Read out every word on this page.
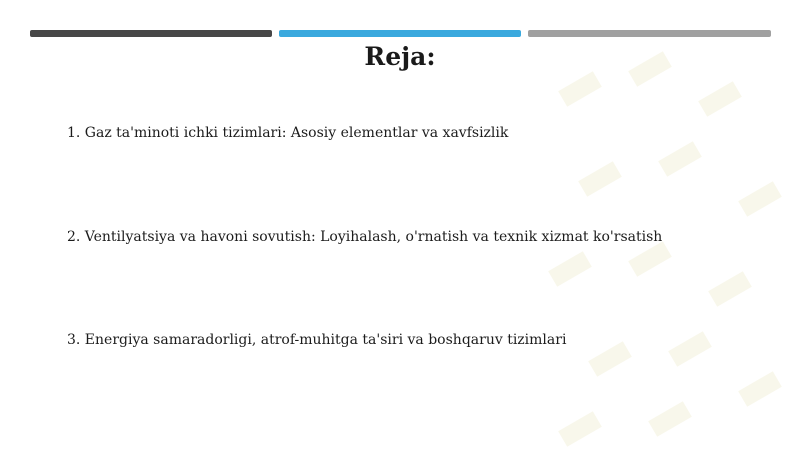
Reja:
1. Gaz ta'minoti ichki tizimlari: Asosiy elementlar va xavfsizlik
2. Ventilyatsiya va havoni sovutish: Loyihalash, o'rnatish va texnik xizmat ko'rsatish
3. Energiya samaradorligi, atrof-muhitga ta'siri va boshqaruv tizimlari
